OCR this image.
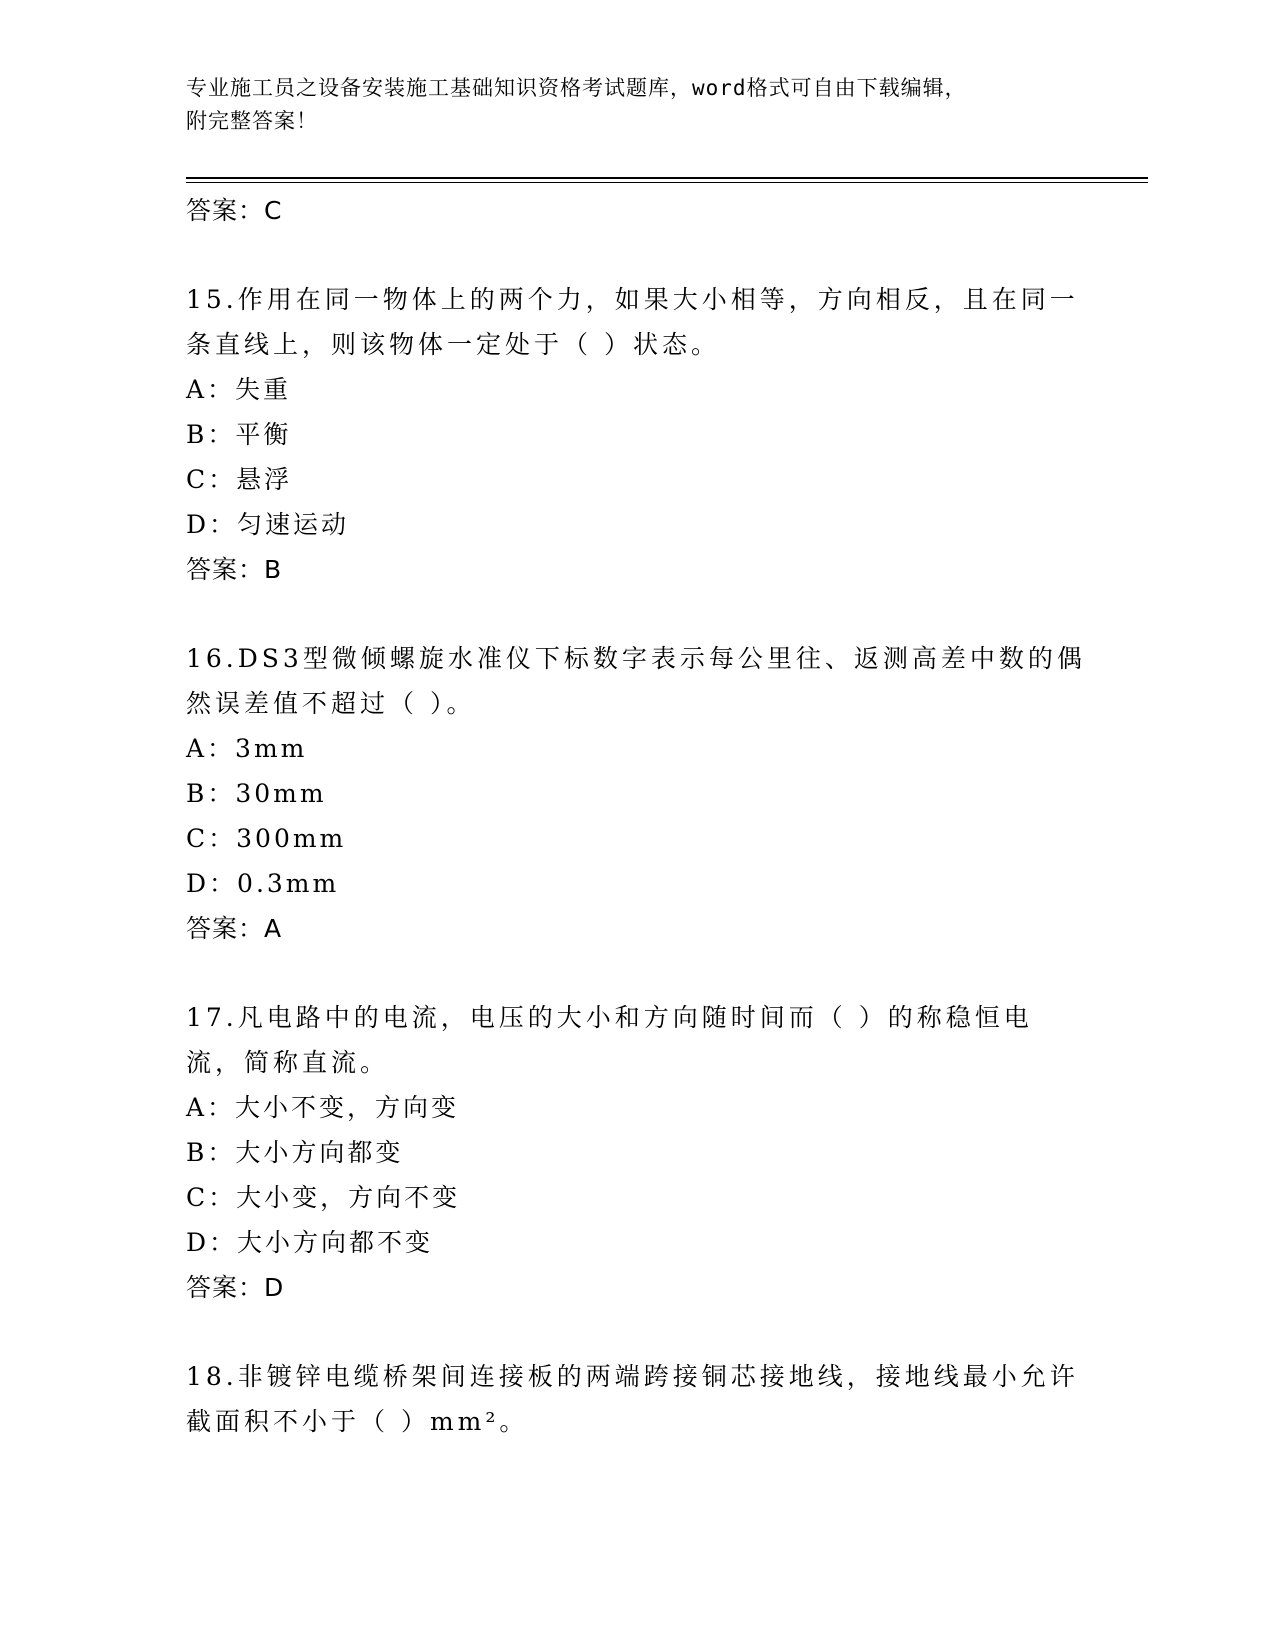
专业施工员之设备安装施工基础知识资格考试题库，word格式可自由下载编辑，
附完整答案！
答案：C
15.作用在同一物体上的两个力，如果大小相等，方向相反，且在同一条直线上，则该物体一定处于（ ）状态。
A：失重
B：平衡
C：悬浮
D：匀速运动
答案：B
16.DS3型微倾螺旋水准仪下标数字表示每公里往、返测高差中数的偶然误差值不超过（ ）。
A：3mm
B：30mm
C：300mm
D：0.3mm
答案：A
17.凡电路中的电流，电压的大小和方向随时间而（ ）的称稳恒电流，简称直流。
A：大小不变，方向变
B：大小方向都变
C：大小变，方向不变
D：大小方向都不变
答案：D
18.非镀锌电缆桥架间连接板的两端跨接铜芯接地线，接地线最小允许截面积不小于（ ）mm²。
